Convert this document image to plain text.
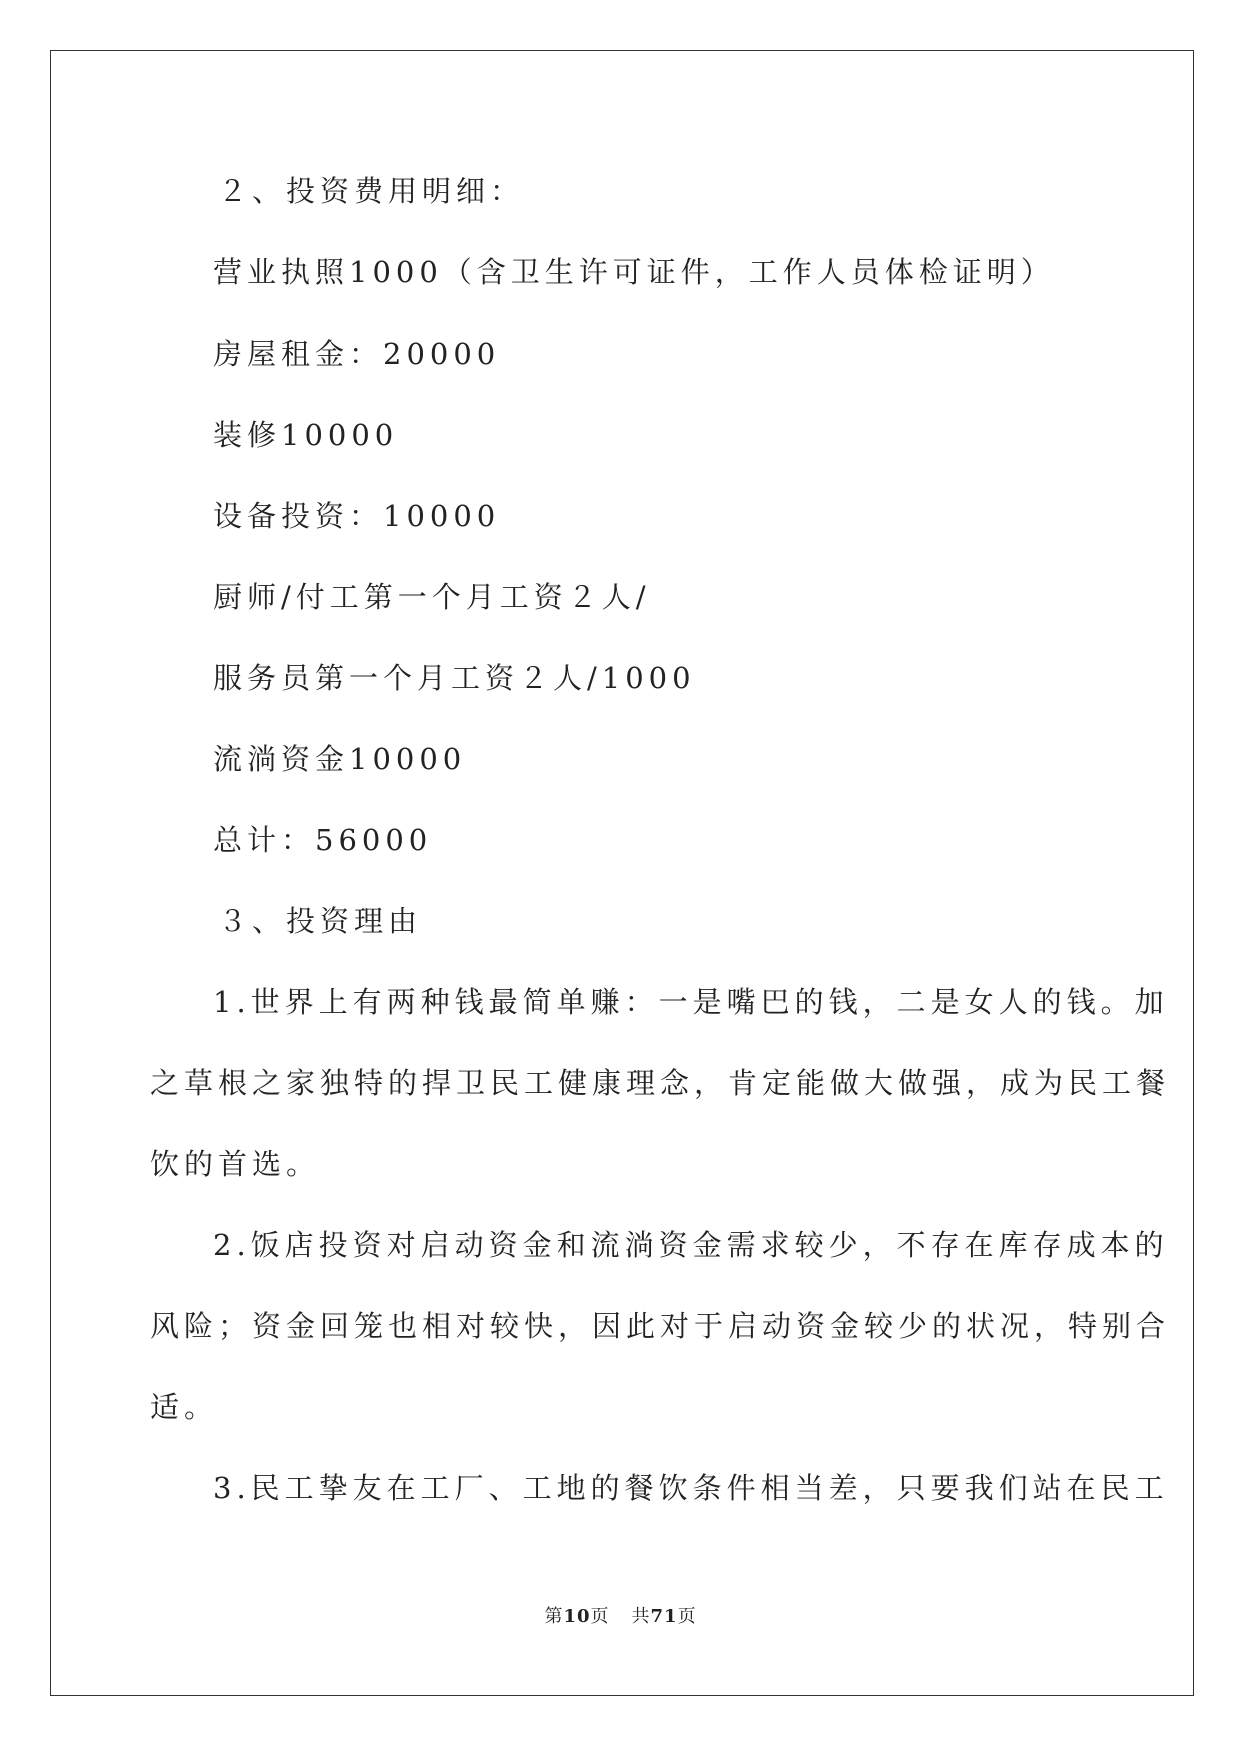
２、投资费用明细：
营业执照1000（含卫生许可证件，工作人员体检证明）
房屋租金：20000
装修10000
设备投资：10000
厨师/付工第一个月工资２人/
服务员第一个月工资２人/1000
流淌资金10000
总计：56000
３、投资理由
1.世界上有两种钱最简单赚：一是嘴巴的钱，二是女人的钱。加
之草根之家独特的捍卫民工健康理念，肯定能做大做强，成为民工餐
饮的首选。
2.饭店投资对启动资金和流淌资金需求较少，不存在库存成本的
风险；资金回笼也相对较快，因此对于启动资金较少的状况，特别合
适。
3.民工挚友在工厂、工地的餐饮条件相当差，只要我们站在民工
第10页 共71页
